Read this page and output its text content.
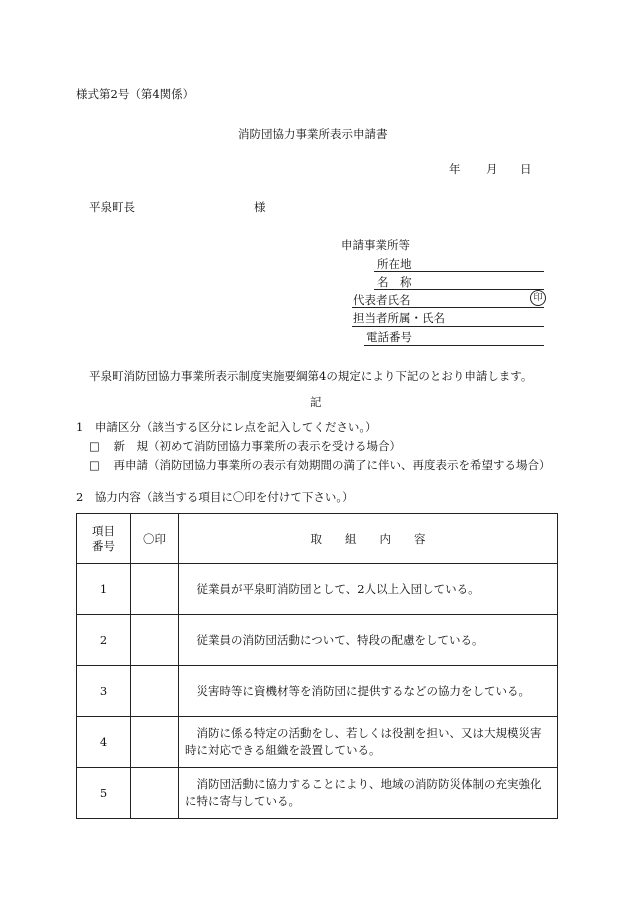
様式第2号（第4関係）
消防団協力事業所表示申請書
年 月 日
平泉町長	様
申請事業所等
所在地
名　称
代表者氏名	印
担当者所属・氏名
電話番号
平泉町消防団協力事業所表示制度実施要綱第4の規定により下記のとおり申請します。
記
1　申請区分（該当する区分にレ点を記入してください。）
□ 新　規（初めて消防団協力事業所の表示を受ける場合）
□ 再申請（消防団協力事業所の表示有効期間の満了に伴い、再度表示を希望する場合）
2　協力内容（該当する項目に〇印を付けて下さい。）
項目
番号	〇印	取　　組　　内　　容
1		従業員が平泉町消防団として、2人以上入団している。

2		従業員の消防団活動について、特段の配慮をしている。

3		災害時等に資機材等を消防団に提供するなどの協力をしている。

4		消防に係る特定の活動をし、若しくは役割を担い、又は大規模災害
時に対応できる組織を設置している。

5		消防団活動に協力することにより、地域の消防防災体制の充実強化
に特に寄与している。
